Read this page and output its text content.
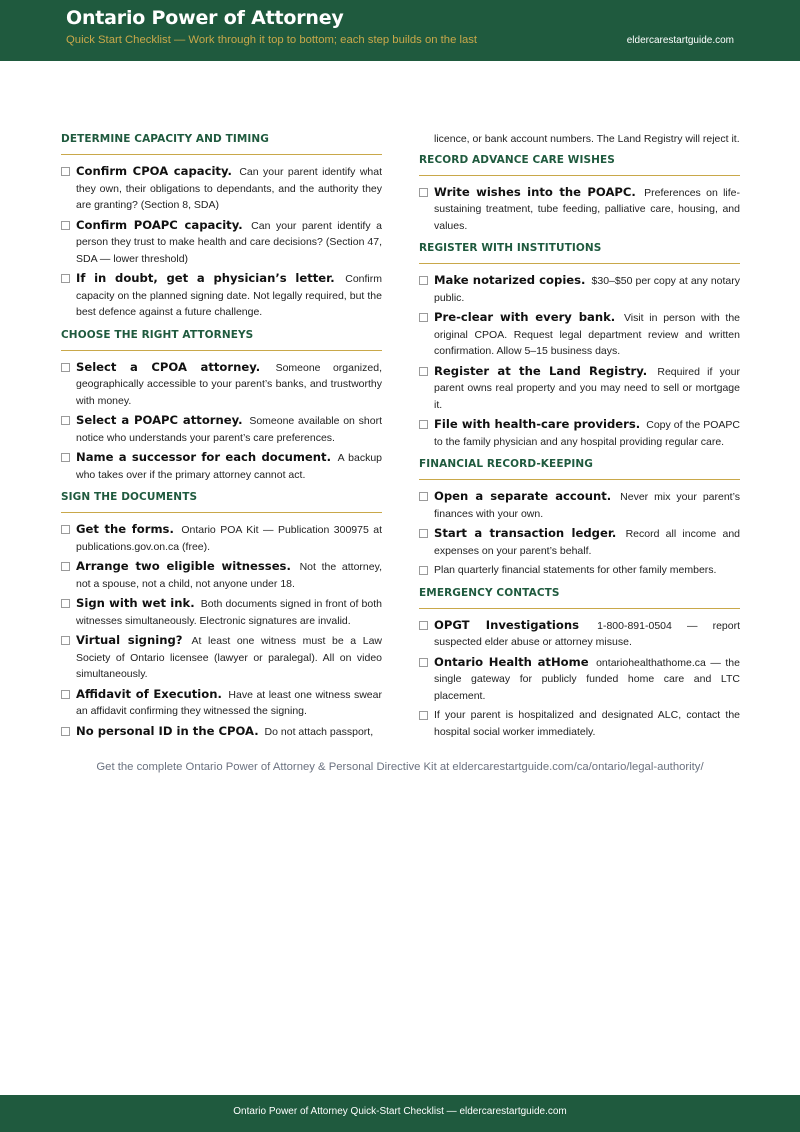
Ontario Power of Attorney
Quick Start Checklist — Work through it top to bottom; each step builds on the last	eldercarestartguide.com
DETERMINE CAPACITY AND TIMING
Confirm CPOA capacity. Can your parent identify what they own, their obligations to dependants, and the authority they are granting? (Section 8, SDA)
Confirm POAPC capacity. Can your parent identify a person they trust to make health and care decisions? (Section 47, SDA — lower threshold)
If in doubt, get a physician’s letter. Confirm capacity on the planned signing date. Not legally required, but the best defence against a future challenge.
CHOOSE THE RIGHT ATTORNEYS
Select a CPOA attorney. Someone organized, geographically accessible to your parent’s banks, and trustworthy with money.
Select a POAPC attorney. Someone available on short notice who understands your parent’s care preferences.
Name a successor for each document. A backup who takes over if the primary attorney cannot act.
SIGN THE DOCUMENTS
Get the forms. Ontario POA Kit — Publication 300975 at publications.gov.on.ca (free).
Arrange two eligible witnesses. Not the attorney, not a spouse, not a child, not anyone under 18.
Sign with wet ink. Both documents signed in front of both witnesses simultaneously. Electronic signatures are invalid.
Virtual signing? At least one witness must be a Law Society of Ontario licensee (lawyer or paralegal). All on video simultaneously.
Affidavit of Execution. Have at least one witness swear an affidavit confirming they witnessed the signing.
No personal ID in the CPOA. Do not attach passport,
licence, or bank account numbers. The Land Registry will reject it.
RECORD ADVANCE CARE WISHES
Write wishes into the POAPC. Preferences on life-sustaining treatment, tube feeding, palliative care, housing, and values.
REGISTER WITH INSTITUTIONS
Make notarized copies. $30–$50 per copy at any notary public.
Pre-clear with every bank. Visit in person with the original CPOA. Request legal department review and written confirmation. Allow 5–15 business days.
Register at the Land Registry. Required if your parent owns real property and you may need to sell or mortgage it.
File with health-care providers. Copy of the POAPC to the family physician and any hospital providing regular care.
FINANCIAL RECORD-KEEPING
Open a separate account. Never mix your parent’s finances with your own.
Start a transaction ledger. Record all income and expenses on your parent’s behalf.
Plan quarterly financial statements for other family members.
EMERGENCY CONTACTS
OPGT Investigations 1-800-891-0504 — report suspected elder abuse or attorney misuse.
Ontario Health atHome ontariohealthathome.ca — the single gateway for publicly funded home care and LTC placement.
If your parent is hospitalized and designated ALC, contact the hospital social worker immediately.
Get the complete Ontario Power of Attorney & Personal Directive Kit at eldercarestartguide.com/ca/ontario/legal-authority/
Ontario Power of Attorney Quick-Start Checklist — eldercarestartguide.com
